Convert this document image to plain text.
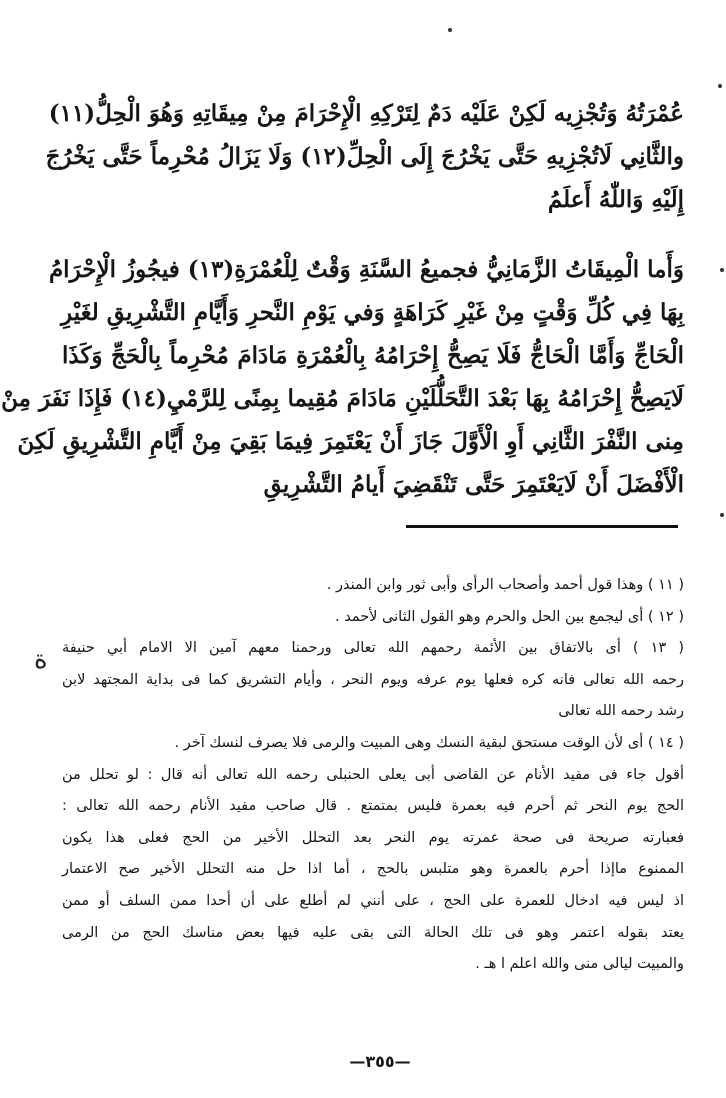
عُمْرَتُهُ وَتُجْزِيه لَكِنْ عَلَيْه دَمٌ لِتَرْكِهِ الْإِحْرَامَ مِنْ مِيقَاتِهِ وَهُوَ الْحِلُّ(١١)
والثَّانِي لَاتُجْزِيهِ حَتَّى يَخْرُجَ إِلَى الْحِلِّ(١٢) وَلَا يَزَالُ مُحْرِماً حَتَّى يَخْرُجَ
إِلَيْهِ وَاللّٰهُ أَعلَمُ
وَأَما الْمِيقَاتُ الزَّمَانِيُّ فجميعُ السَّنَةِ وَقْتٌ لِلْعُمْرَةِ(١٣) فيجُوزُ الْإِحْرَامُ
بِهَا فِي كُلِّ وَقْتٍ مِنْ غَيْرِ كَرَاهَةٍ وَفي يَوْمِ النَّحرِ وَأَيَّامِ التَّشْرِيقِ لغَيْرِ
الْحَاجِّ وَأَمَّا الْحَاجُّ فَلَا يَصِحُّ إِحْرَامُهُ بِالْعُمْرَةِ مَادَامَ مُحْرِماً بِالْحَجِّ وَكَذَا
لَايَصِحُّ إِحْرَامُهُ بِهَا بَعْدَ التَّحَلُّلَيْنِ مَادَامَ مُقِيما بِمِنًى لِلرَّمْيِ(١٤) فَإِذَا نَفَرَ مِنْ
مِنى النَّفْرَ الثَّانِي أَوِ الْأَوَّلَ جَازَ أَنْ يَعْتَمِرَ فِيمَا بَقِيَ مِنْ أَيَّامِ التَّشْرِيقِ لَكِنَ
الْأَفْضَلَ أَنْ لَايَعْتَمِرَ حَتَّى تَنْقَضِيَ أَيامُ التَّشْرِيقِ
ة
( ١١ ) وهذا قول أحمد وأصحاب الرأى وأبى ثور وابن المنذر .
( ١٢ ) أى ليجمع بين الحل والحرم وهو القول الثانى لأحمد .
( ١٣ ) أى بالاتفاق بين الأئمة رحمهم الله تعالى ورحمنا معهم آمين الا الامام أبي حنيفة
رحمه الله تعالى فانه كره فعلها يوم عرفه ويوم النحر ، وأيام التشريق كما فى بداية المجتهد لابن
رشد رحمه الله تعالى
( ١٤ ) أى لأن الوقت مستحق لبقية النسك وهى المبيت والرمى فلا يصرف لنسك آخر .
أقول جاء فى مفيد الأنام عن القاضى أبى يعلى الحنبلى رحمه الله تعالى أنه قال : لو تحلل من
الحج يوم النحر ثم أحرم فيه بعمرة فليس بمتمتع . قال صاحب مفيد الأنام رحمه الله تعالى :
فعبارته صريحة فى صحة عمرته يوم النحر بعد التحلل الأخير من الحج فعلى هذا يكون
الممنوع ماإذا أحرم بالعمرة وهو متلبس بالحج ، أما اذا حل منه التحلل الأخير صح الاعتمار
اذ ليس فيه ادخال للعمرة على الحج ، على أنني لم أطلع على أن أحدا ممن السلف أو ممن
يعتد بقوله اعتمر وهو فى تلك الحالة التى بقى عليه فيها بعض مناسك الحج من الرمى
والمبيت ليالى منى والله اعلم ا هـ .
—٣٥٥—
